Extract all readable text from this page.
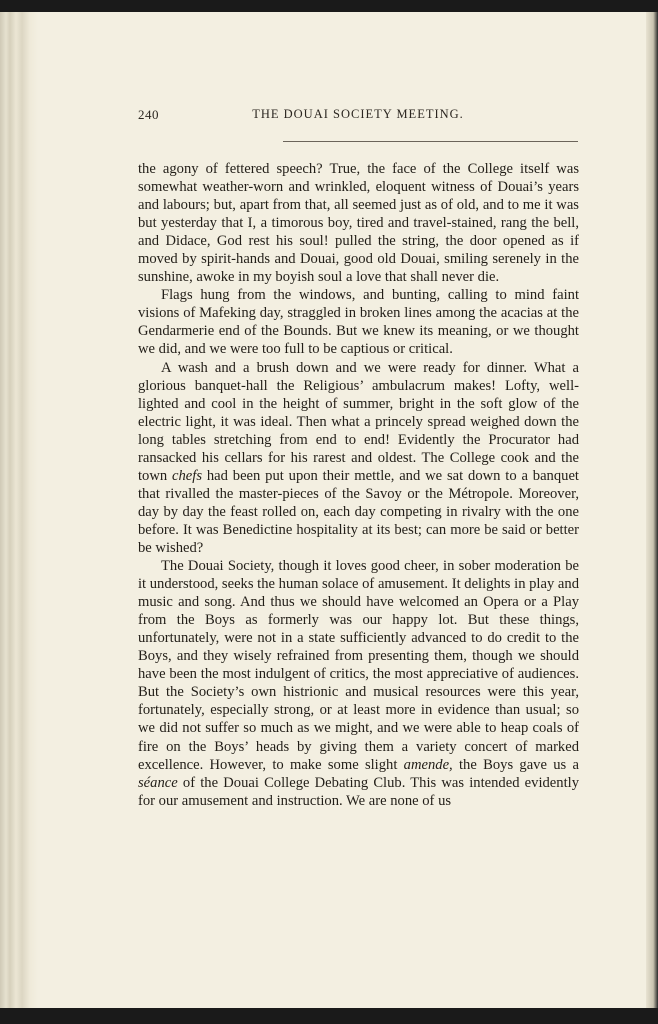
240	THE DOUAI SOCIETY MEETING.

the agony of fettered speech? True, the face of the College itself was somewhat weather-worn and wrinkled, eloquent witness of Douai’s years and labours; but, apart from that, all seemed just as of old, and to me it was but yesterday that I, a timorous boy, tired and travel-stained, rang the bell, and Didace, God rest his soul! pulled the string, the door opened as if moved by spirit-hands and Douai, good old Douai, smiling serenely in the sunshine, awoke in my boyish soul a love that shall never die.

Flags hung from the windows, and bunting, calling to mind faint visions of Mafeking day, straggled in broken lines among the acacias at the Gendarmerie end of the Bounds. But we knew its meaning, or we thought we did, and we were too full to be captious or critical.

A wash and a brush down and we were ready for dinner. What a glorious banquet-hall the Religious’ ambulacrum makes! Lofty, well-lighted and cool in the height of summer, bright in the soft glow of the electric light, it was ideal. Then what a princely spread weighed down the long tables stretching from end to end! Evidently the Procurator had ransacked his cellars for his rarest and oldest. The College cook and the town chefs had been put upon their mettle, and we sat down to a banquet that rivalled the master-pieces of the Savoy or the Métropole. Moreover, day by day the feast rolled on, each day competing in rivalry with the one before. It was Benedictine hospitality at its best; can more be said or better be wished?

The Douai Society, though it loves good cheer, in sober moderation be it understood, seeks the human solace of amusement. It delights in play and music and song. And thus we should have welcomed an Opera or a Play from the Boys as formerly was our happy lot. But these things, unfortunately, were not in a state sufficiently advanced to do credit to the Boys, and they wisely refrained from presenting them, though we should have been the most indulgent of critics, the most appreciative of audiences. But the Society’s own histrionic and musical resources were this year, fortunately, especially strong, or at least more in evidence than usual; so we did not suffer so much as we might, and we were able to heap coals of fire on the Boys’ heads by giving them a variety concert of marked excellence. However, to make some slight amende, the Boys gave us a séance of the Douai College Debating Club. This was intended evidently for our amusement and instruction. We are none of us
